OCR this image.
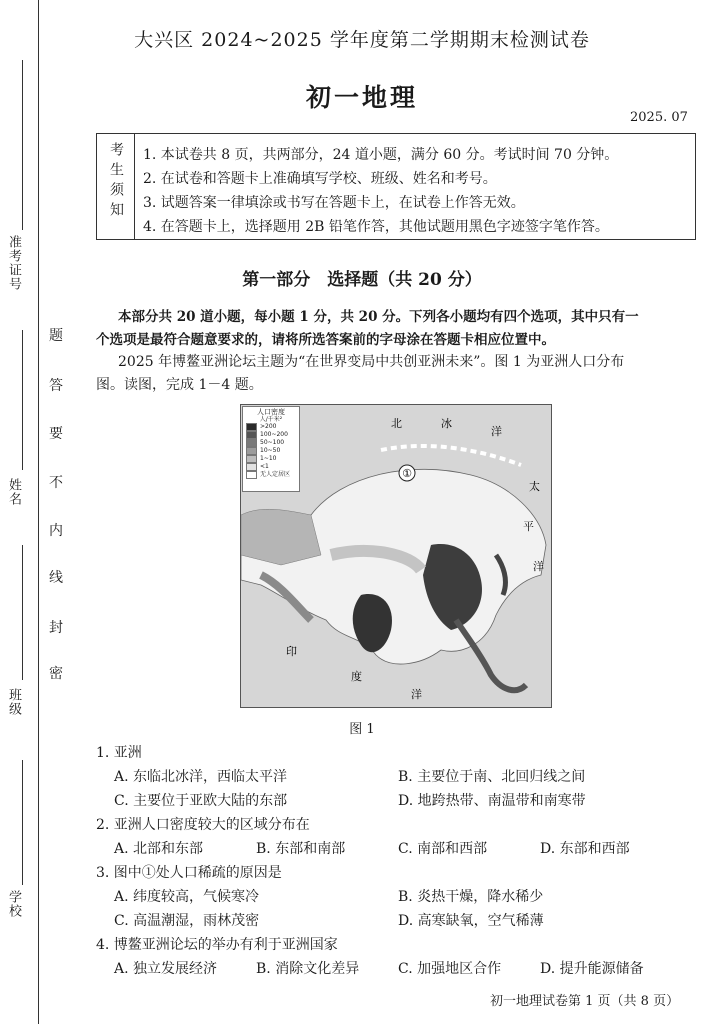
准考证号
姓名
班级
学校
题
答
要
不
内
线
封
密
大兴区 2024~2025 学年度第二学期期末检测试卷
初一地理
2025. 07
考生须知	1. 本试卷共 8 页，共两部分，24 道小题，满分 60 分。考试时间 70 分钟。
2. 在试卷和答题卡上准确填写学校、班级、姓名和考号。
3. 试题答案一律填涂或书写在答题卡上，在试卷上作答无效。
4. 在答题卡上，选择题用 2B 铅笔作答，其他试题用黑色字迹签字笔作答。
第一部分　选择题（共 20 分）
本部分共 20 道小题，每小题 1 分，共 20 分。下列各小题均有四个选项，其中只有一
个选项是最符合题意要求的，请将所选答案前的字母涂在答题卡相应位置中。
2025 年博鳌亚洲论坛主题为“在世界变局中共创亚洲未来”。图 1 为亚洲人口分布
图。读图，完成 1－4 题。
①
北	冰
洋
太
平
洋
印
度
洋
人口密度
人/千米²
>200
100~200
50~100
10~50
1~10
<1
无人定居区
图 1
1. 亚洲
A. 东临北冰洋，西临太平洋	B. 主要位于南、北回归线之间
C. 主要位于亚欧大陆的东部	D. 地跨热带、南温带和南寒带
2. 亚洲人口密度较大的区域分布在
A. 北部和东部	B. 东部和南部	C. 南部和西部	D. 东部和西部
3. 图中①处人口稀疏的原因是
A. 纬度较高，气候寒冷	B. 炎热干燥，降水稀少
C. 高温潮湿，雨林茂密	D. 高寒缺氧，空气稀薄
4. 博鳌亚洲论坛的举办有利于亚洲国家
A. 独立发展经济	B. 消除文化差异	C. 加强地区合作	D. 提升能源储备
初一地理试卷第 1 页（共 8 页）
